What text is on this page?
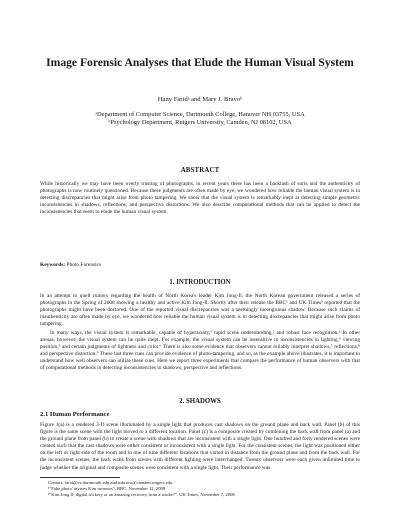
Image Forensic Analyses that Elude the Human Visual System
Hany Faridᵃ and Mary J. Bravoᵇ
ᵃDepartment of Computer Science, Dartmouth College, Hanover NH 03755, USA
ᵇPsychology Department, Rutgers University, Camden, NJ 08102, USA
ABSTRACT

While historically we may have been overly trusting of photographs, in recent years there has been a backlash of sorts and the authenticity of photographs is now routinely questioned. Because these judgments are often made by eye, we wondered how reliable the human visual system is in detecting discrepancies that might arise from photo tampering. We show that the visual system is remarkably inept at detecting simple geometric inconsistencies in shadows, reflections, and perspective distortions. We also describe computational methods that can be applied to detect the inconsistencies that seem to elude the human visual system.

Keywords: Photo Forensics
1. INTRODUCTION

In an attempt to quell rumors regarding the health of North Korea's leader Kim Jong-Il, the North Korean government released a series of photographs in the Spring of 2008 showing a healthy and active Kim Jong-Il. Shortly after their release the BBC¹ and UK Times² reported that the photographs might have been doctored. One of the reported visual discrepancies was a seemingly incongruous shadow. Because such claims of inauthenticity are often made by eye, we wondered how reliable the human visual system is in detecting discrepancies that might arise from photo tampering.

In many ways, the visual system is remarkable, capable of hyperacuity,¹ rapid scene understanding,² and robust face recognition.³ In other arenas, however, the visual system can be quite inept. For example, the visual system can be insensitive to inconsistencies in lighting,⁴ viewing position,⁵ and certain judgments of lightness and color.⁶ There is also some evidence that observers cannot reliably interpret shadows,⁷ reflections,⁸ and perspective distortion.⁹ These last three cues can provide evidence of photo-tampering, and so, as the example above illustrates, it is important to understand how well observers can utilize these cues. Here we report three experiments that compare the performance of human observers with that of computational methods in detecting inconsistencies in shadows, perspective and reflections.

2. SHADOWS
2.1 Human Performance

Figure 1(a) is a rendered 3-D scene illuminated by a single light that produces cast shadows on the ground plane and back wall. Panel (b) of this figure is the same scene with the light moved to a different location. Panel (c) is a composite created by combining the back wall from panel (a) and the ground plane from panel (b) to create a scene with shadows that are inconsistent with a single light. One hundred and forty rendered scenes were created such that the cast shadows were either consistent or inconsistent with a single light. For the consistent scenes, the light was positioned either on the left or right side of the room and in one of nine different locations that varied in distance from the ground plane and from the back wall. For the inconsistent scenes, the back walls from scenes with different lighting were interchanged. Twenty observers were each given unlimited time to judge whether the original and composite scenes were consistent with a single light. Their performance was

Contact: farid@cs.dartmouth.edu and mbravo@camden.rutgers.edu

¹"Fake photo' revives Kim rumours", BBC, November 12, 2008

²"Kim Jong Il: digital trickery or an amazing recovery from a stroke?", UK Times, November 7, 2008.
